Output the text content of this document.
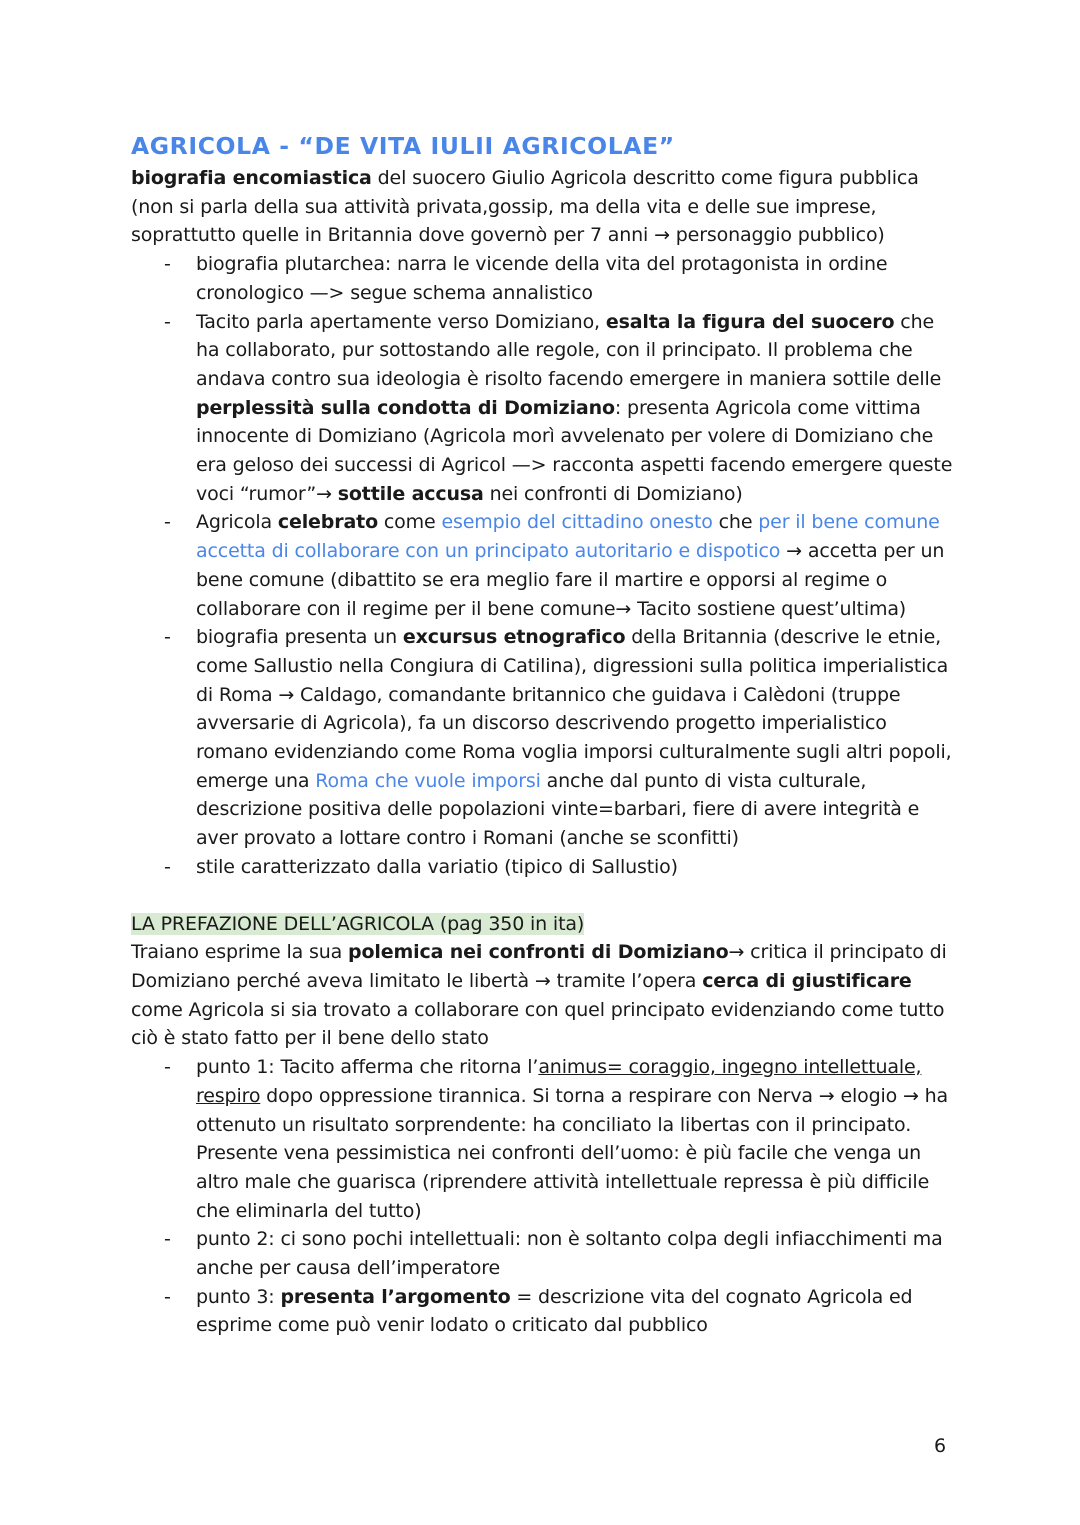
AGRICOLA - “DE VITA IULII AGRICOLAE”

biografia encomiastica del suocero Giulio Agricola descritto come figura pubblica (non si parla della sua attività privata,gossip, ma della vita e delle sue imprese, soprattutto quelle in Britannia dove governò per 7 anni → personaggio pubblico)

- biografia plutarchea: narra le vicende della vita del protagonista in ordine cronologico —> segue schema annalistico
- Tacito parla apertamente verso Domiziano, esalta la figura del suocero che ha collaborato, pur sottostando alle regole, con il principato. Il problema che andava contro sua ideologia è risolto facendo emergere in maniera sottile delle perplessità sulla condotta di Domiziano: presenta Agricola come vittima innocente di Domiziano (Agricola morì avvelenato per volere di Domiziano che era geloso dei successi di Agricol —> racconta aspetti facendo emergere queste voci “rumor”→ sottile accusa nei confronti di Domiziano)
- Agricola celebrato come esempio del cittadino onesto che per il bene comune accetta di collaborare con un principato autoritario e dispotico → accetta per un bene comune (dibattito se era meglio fare il martire e opporsi al regime o collaborare con il regime per il bene comune→ Tacito sostiene quest’ultima)
- biografia presenta un excursus etnografico della Britannia (descrive le etnie, come Sallustio nella Congiura di Catilina), digressioni sulla politica imperialistica di Roma → Caldago, comandante britannico che guidava i Calèdoni (truppe avversarie di Agricola), fa un discorso descrivendo progetto imperialistico romano evidenziando come Roma voglia imporsi culturalmente sugli altri popoli, emerge una Roma che vuole imporsi anche dal punto di vista culturale, descrizione positiva delle popolazioni vinte=barbari, fiere di avere integrità e aver provato a lottare contro i Romani (anche se sconfitti)
- stile caratterizzato dalla variatio (tipico di Sallustio)

LA PREFAZIONE DELL’AGRICOLA (pag 350 in ita)

Traiano esprime la sua polemica nei confronti di Domiziano→ critica il principato di Domiziano perché aveva limitato le libertà → tramite l’opera cerca di giustificare come Agricola si sia trovato a collaborare con quel principato evidenziando come tutto ciò è stato fatto per il bene dello stato

- punto 1: Tacito afferma che ritorna l’animus= coraggio, ingegno intellettuale, respiro dopo oppressione tirannica. Si torna a respirare con Nerva → elogio → ha ottenuto un risultato sorprendente: ha conciliato la libertas con il principato. Presente vena pessimistica nei confronti dell’uomo: è più facile che venga un altro male che guarisca (riprendere attività intellettuale repressa è più difficile che eliminarla del tutto)
- punto 2: ci sono pochi intellettuali: non è soltanto colpa degli infiacchimenti ma anche per causa dell’imperatore
- punto 3: presenta l’argomento = descrizione vita del cognato Agricola ed esprime come può venir lodato o criticato dal pubblico
6
